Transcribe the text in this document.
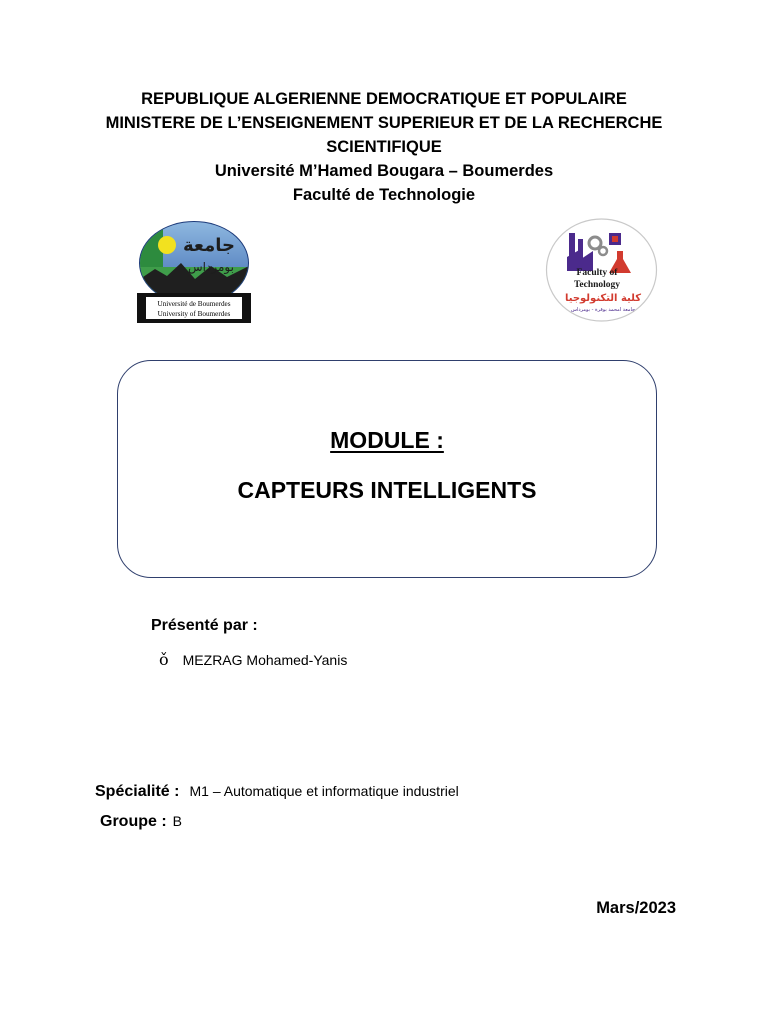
REPUBLIQUE ALGERIENNE DEMOCRATIQUE ET POPULAIRE
MINISTERE DE L’ENSEIGNEMENT SUPERIEUR ET DE LA RECHERCHE
SCIENTIFIQUE
Université M’Hamed Bougara – Boumerdes
Faculté de Technologie
جامعة
بومرداس
Université de Boumerdes
University of Boumerdes
Faculty of
Technology
كلية التكنولوجيا
جامعة امحمد بوقرة - بومرداس
MODULE :
CAPTEURS INTELLIGENTS
Présenté par :
ǒ MEZRAG Mohamed-Yanis
Spécialité : M1 – Automatique et informatique industriel
Groupe : B
Mars/2023
